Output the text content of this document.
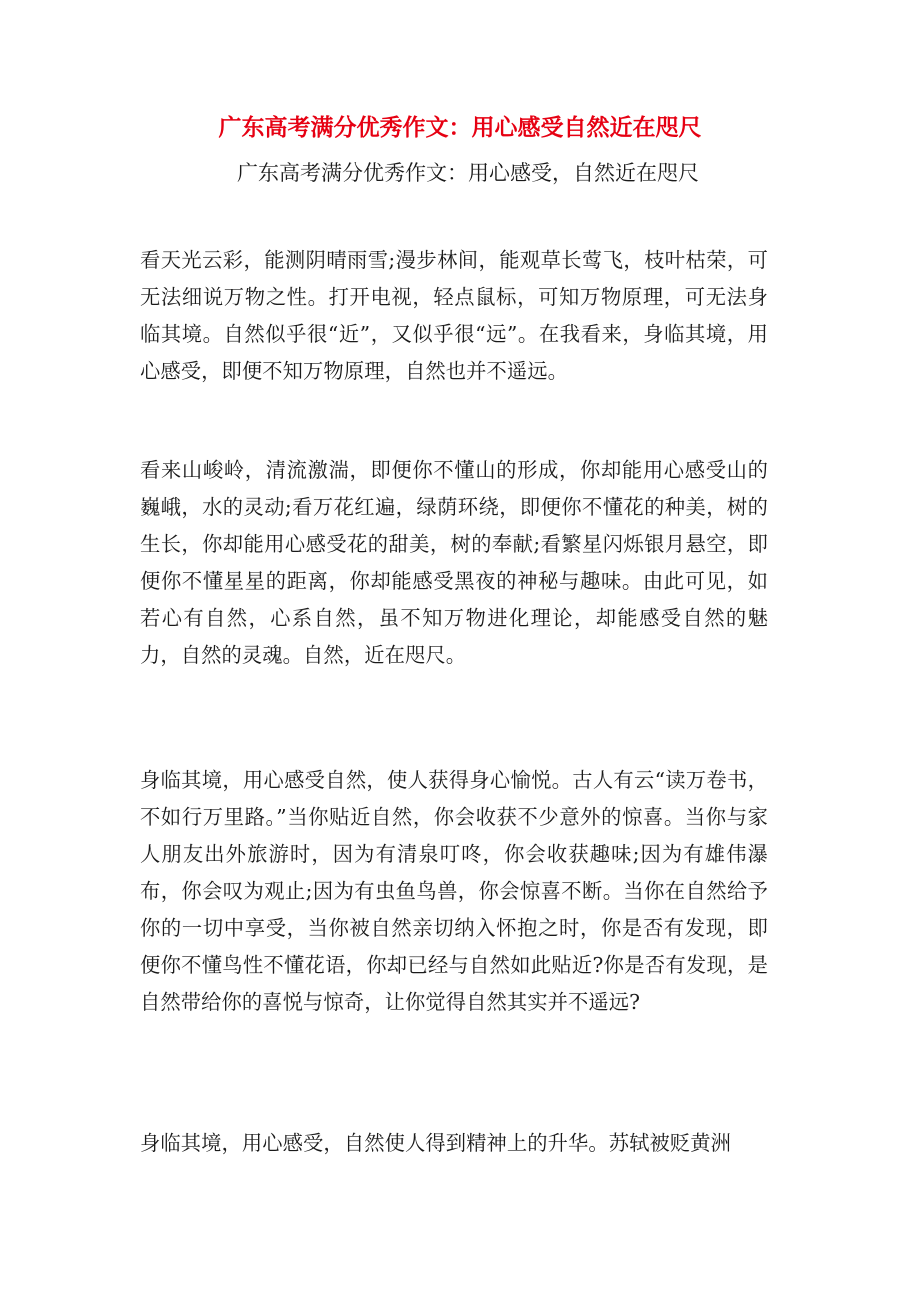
广东高考满分优秀作文：用心感受自然近在咫尺

广东高考满分优秀作文：用心感受，自然近在咫尺

看天光云彩，能测阴晴雨雪;漫步林间，能观草长莺飞，枝叶枯荣，可无法细说万物之性。打开电视，轻点鼠标，可知万物原理，可无法身临其境。自然似乎很“近”，又似乎很“远”。在我看来，身临其境，用心感受，即便不知万物原理，自然也并不遥远。

看来山峻岭，清流激湍，即便你不懂山的形成，你却能用心感受山的巍峨，水的灵动;看万花红遍，绿荫环绕，即便你不懂花的种美，树的生长，你却能用心感受花的甜美，树的奉献;看繁星闪烁银月悬空，即便你不懂星星的距离，你却能感受黑夜的神秘与趣味。由此可见，如若心有自然，心系自然，虽不知万物进化理论，却能感受自然的魅力，自然的灵魂。自然，近在咫尺。

身临其境，用心感受自然，使人获得身心愉悦。古人有云“读万卷书，不如行万里路。”当你贴近自然，你会收获不少意外的惊喜。当你与家人朋友出外旅游时，因为有清泉叮咚，你会收获趣味;因为有雄伟瀑布，你会叹为观止;因为有虫鱼鸟兽，你会惊喜不断。当你在自然给予你的一切中享受，当你被自然亲切纳入怀抱之时，你是否有发现，即便你不懂鸟性不懂花语，你却已经与自然如此贴近?你是否有发现，是自然带给你的喜悦与惊奇，让你觉得自然其实并不遥远?

身临其境，用心感受，自然使人得到精神上的升华。苏轼被贬黄洲
